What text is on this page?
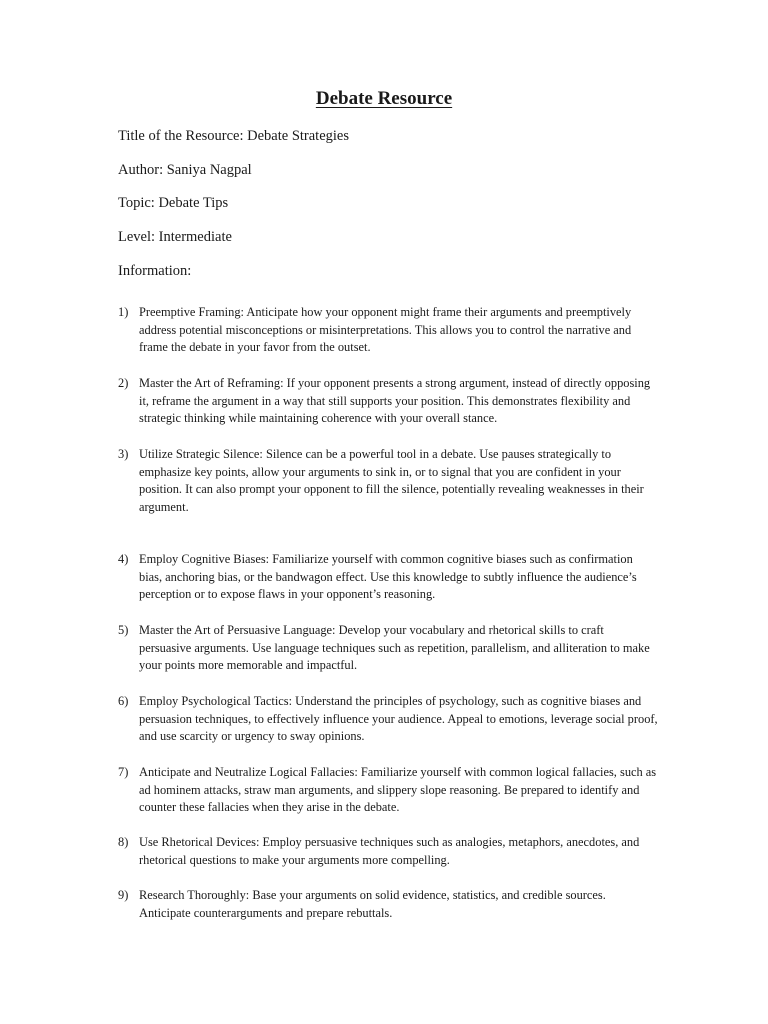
Debate Resource
Title of the Resource: Debate Strategies
Author: Saniya Nagpal
Topic: Debate Tips
Level: Intermediate
Information:
1) Preemptive Framing: Anticipate how your opponent might frame their arguments and preemptively address potential misconceptions or misinterpretations. This allows you to control the narrative and frame the debate in your favor from the outset.
2) Master the Art of Reframing: If your opponent presents a strong argument, instead of directly opposing it, reframe the argument in a way that still supports your position. This demonstrates flexibility and strategic thinking while maintaining coherence with your overall stance.
3) Utilize Strategic Silence: Silence can be a powerful tool in a debate. Use pauses strategically to emphasize key points, allow your arguments to sink in, or to signal that you are confident in your position. It can also prompt your opponent to fill the silence, potentially revealing weaknesses in their argument.
4) Employ Cognitive Biases: Familiarize yourself with common cognitive biases such as confirmation bias, anchoring bias, or the bandwagon effect. Use this knowledge to subtly influence the audience’s perception or to expose flaws in your opponent’s reasoning.
5) Master the Art of Persuasive Language: Develop your vocabulary and rhetorical skills to craft persuasive arguments. Use language techniques such as repetition, parallelism, and alliteration to make your points more memorable and impactful.
6) Employ Psychological Tactics: Understand the principles of psychology, such as cognitive biases and persuasion techniques, to effectively influence your audience. Appeal to emotions, leverage social proof, and use scarcity or urgency to sway opinions.
7) Anticipate and Neutralize Logical Fallacies: Familiarize yourself with common logical fallacies, such as ad hominem attacks, straw man arguments, and slippery slope reasoning. Be prepared to identify and counter these fallacies when they arise in the debate.
8) Use Rhetorical Devices: Employ persuasive techniques such as analogies, metaphors, anecdotes, and rhetorical questions to make your arguments more compelling.
9) Research Thoroughly: Base your arguments on solid evidence, statistics, and credible sources. Anticipate counterarguments and prepare rebuttals.
